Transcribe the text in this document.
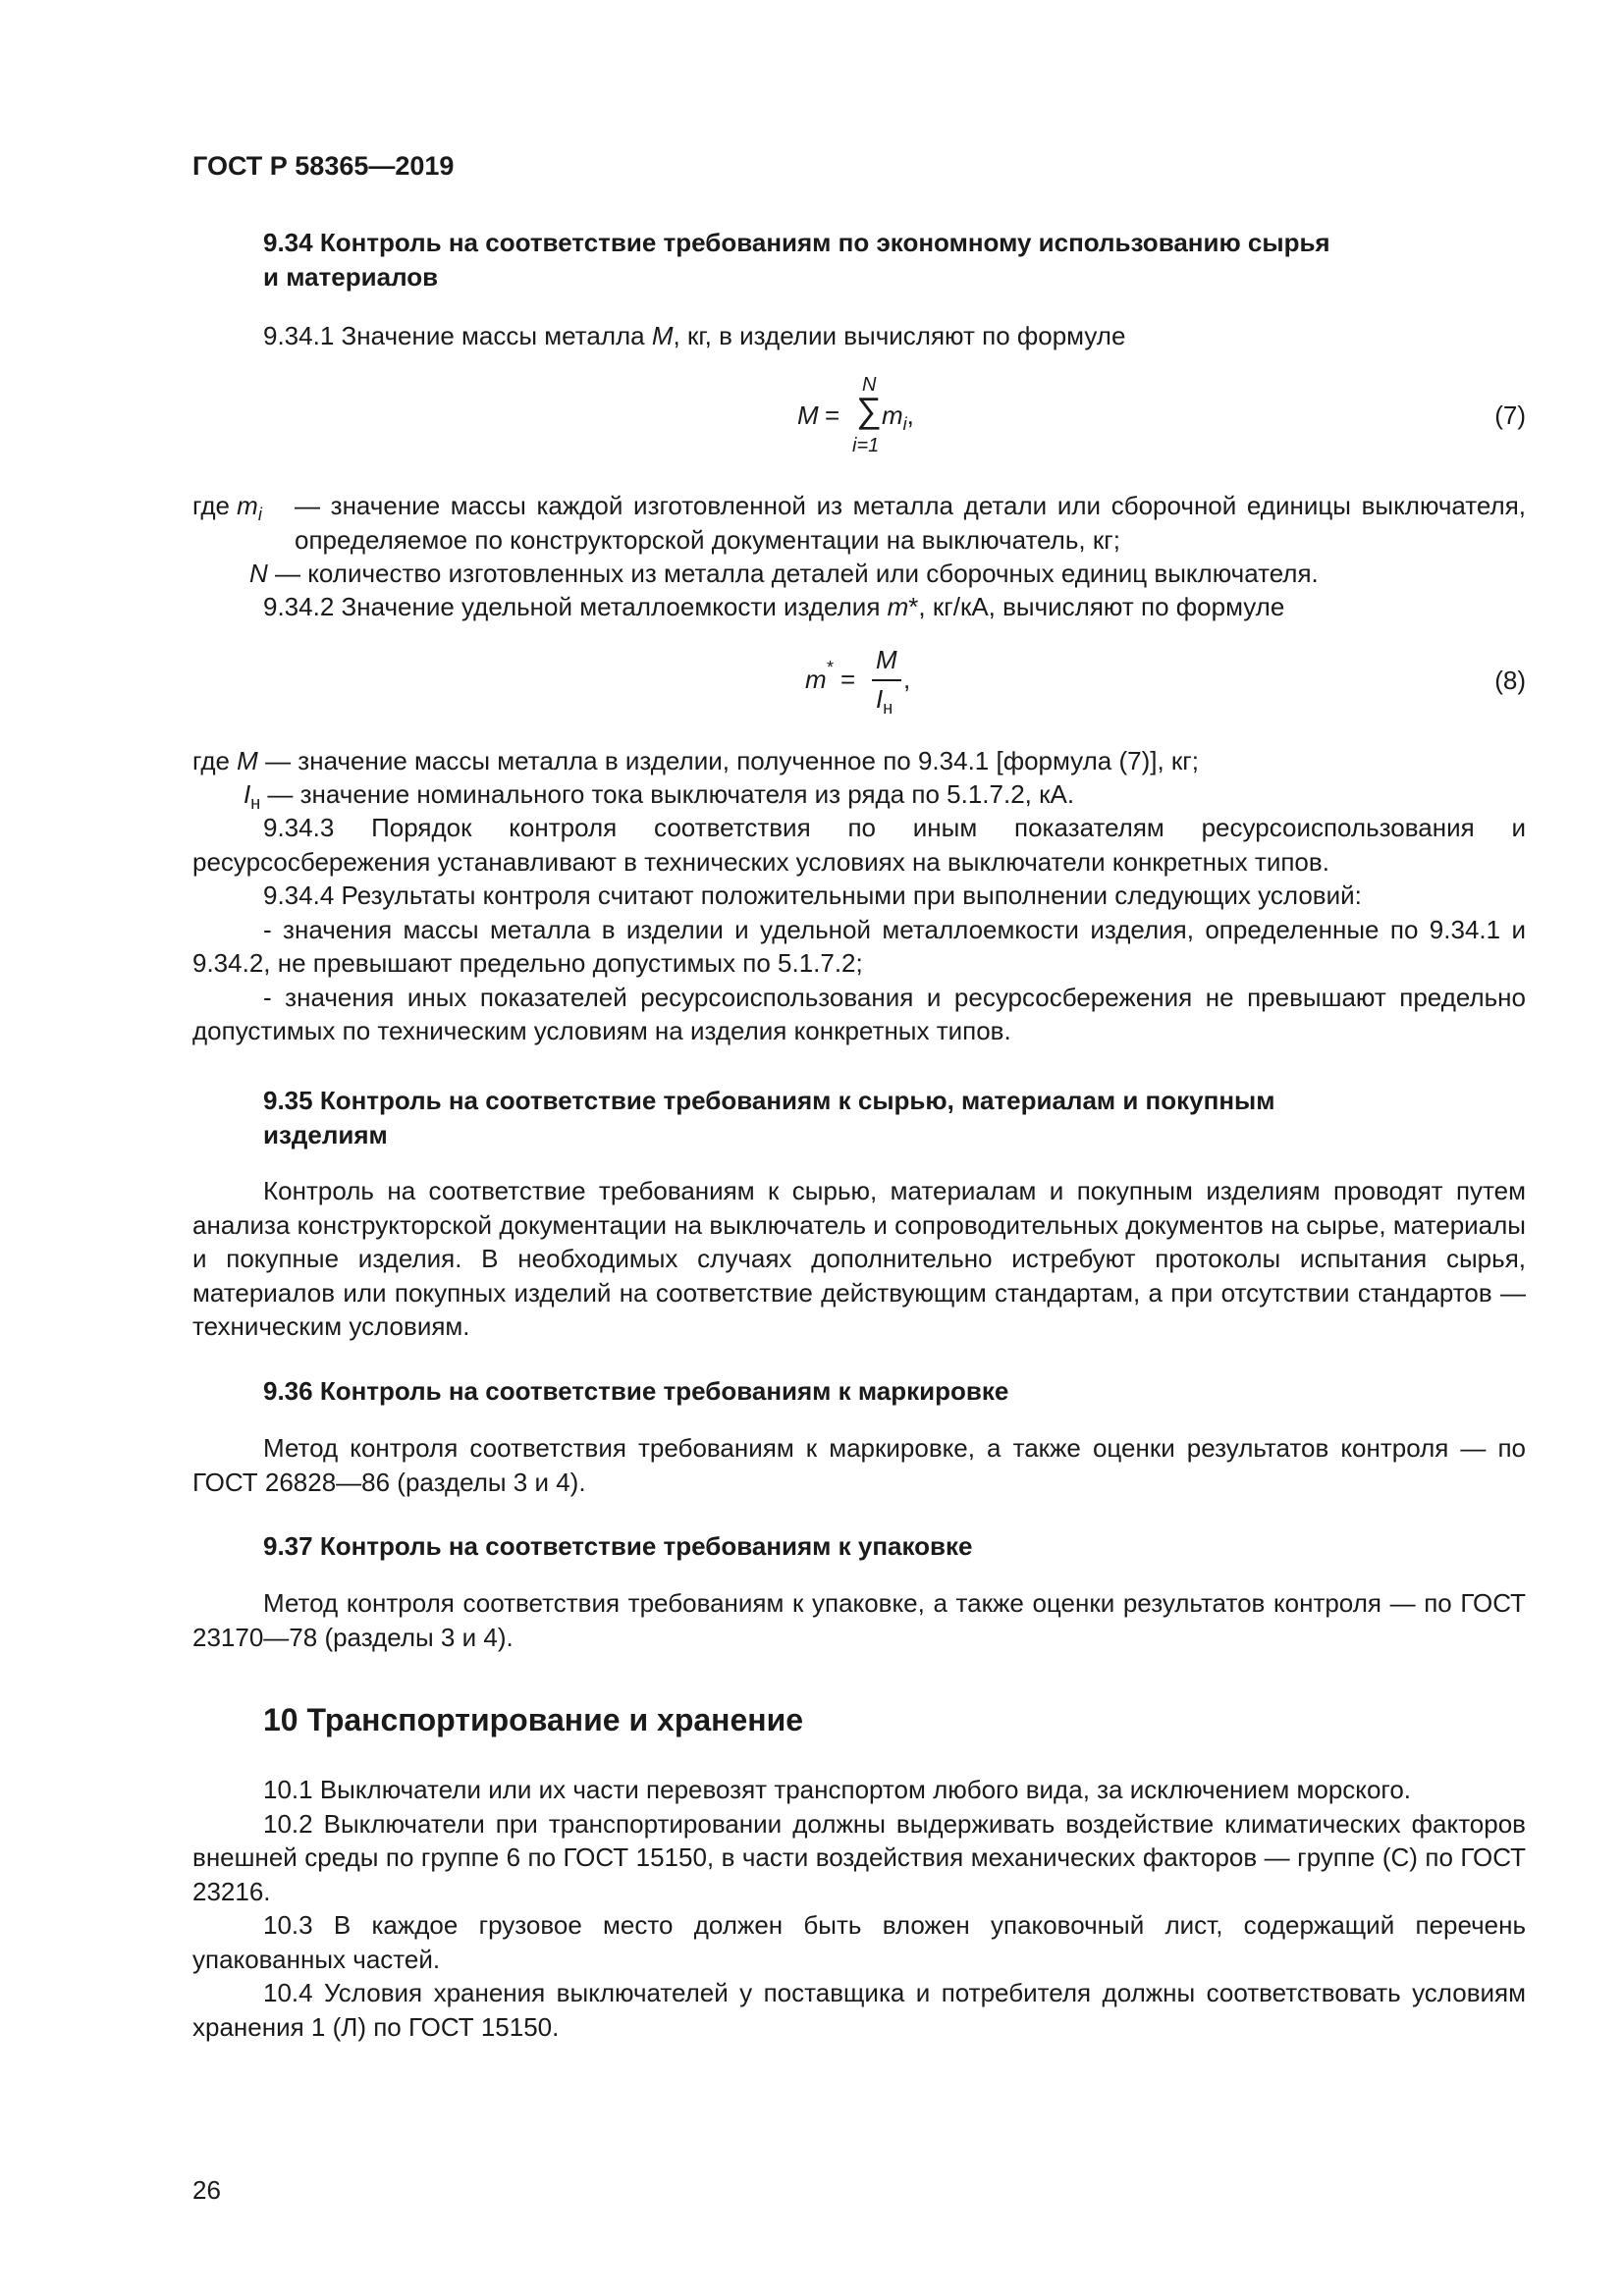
ГОСТ Р 58365—2019
9.34 Контроль на соответствие требованиям по экономному использованию сырья
и материалов
9.34.1 Значение массы металла M, кг, в изделии вычисляют по формуле
M =
N
∑
i=1
$m_i$,	(7)
где $m_i$ — значение массы каждой изготовленной из металла детали или сборочной единицы выключателя, определяемое по конструкторской документации на выключатель, кг;
N — количество изготовленных из металла деталей или сборочных единиц выключателя.
9.34.2 Значение удельной металлоемкости изделия m*, кг/кА, вычисляют по формуле
m * =
M
$I_н$
,	(8)
где M — значение массы металла в изделии, полученное по 9.34.1 [формула (7)], кг;
$I_н$ — значение номинального тока выключателя из ряда по 5.1.7.2, кА.

9.34.3 Порядок контроля соответствия по иным показателям ресурсоиспользования и ресурсосбережения устанавливают в технических условиях на выключатели конкретных типов.

9.34.4 Результаты контроля считают положительными при выполнении следующих условий:

- значения массы металла в изделии и удельной металлоемкости изделия, определенные по 9.34.1 и 9.34.2, не превышают предельно допустимых по 5.1.7.2;

- значения иных показателей ресурсоиспользования и ресурсосбережения не превышают предельно допустимых по техническим условиям на изделия конкретных типов.

9.35 Контроль на соответствие требованиям к сырью, материалам и покупным
изделиям

Контроль на соответствие требованиям к сырью, материалам и покупным изделиям проводят путем анализа конструкторской документации на выключатель и сопроводительных документов на сырье, материалы и покупные изделия. В необходимых случаях дополнительно истребуют протоколы испытания сырья, материалов или покупных изделий на соответствие действующим стандартам, а при отсутствии стандартов — техническим условиям.

9.36 Контроль на соответствие требованиям к маркировке

Метод контроля соответствия требованиям к маркировке, а также оценки результатов контроля — по ГОСТ 26828—86 (разделы 3 и 4).

9.37 Контроль на соответствие требованиям к упаковке

Метод контроля соответствия требованиям к упаковке, а также оценки результатов контроля — по ГОСТ 23170—78 (разделы 3 и 4).

10 Транспортирование и хранение

10.1 Выключатели или их части перевозят транспортом любого вида, за исключением морского.

10.2 Выключатели при транспортировании должны выдерживать воздействие климатических факторов внешней среды по группе 6 по ГОСТ 15150, в части воздействия механических факторов — группе (С) по ГОСТ 23216.

10.3 В каждое грузовое место должен быть вложен упаковочный лист, содержащий перечень упакованных частей.

10.4 Условия хранения выключателей у поставщика и потребителя должны соответствовать условиям хранения 1 (Л) по ГОСТ 15150.

26
